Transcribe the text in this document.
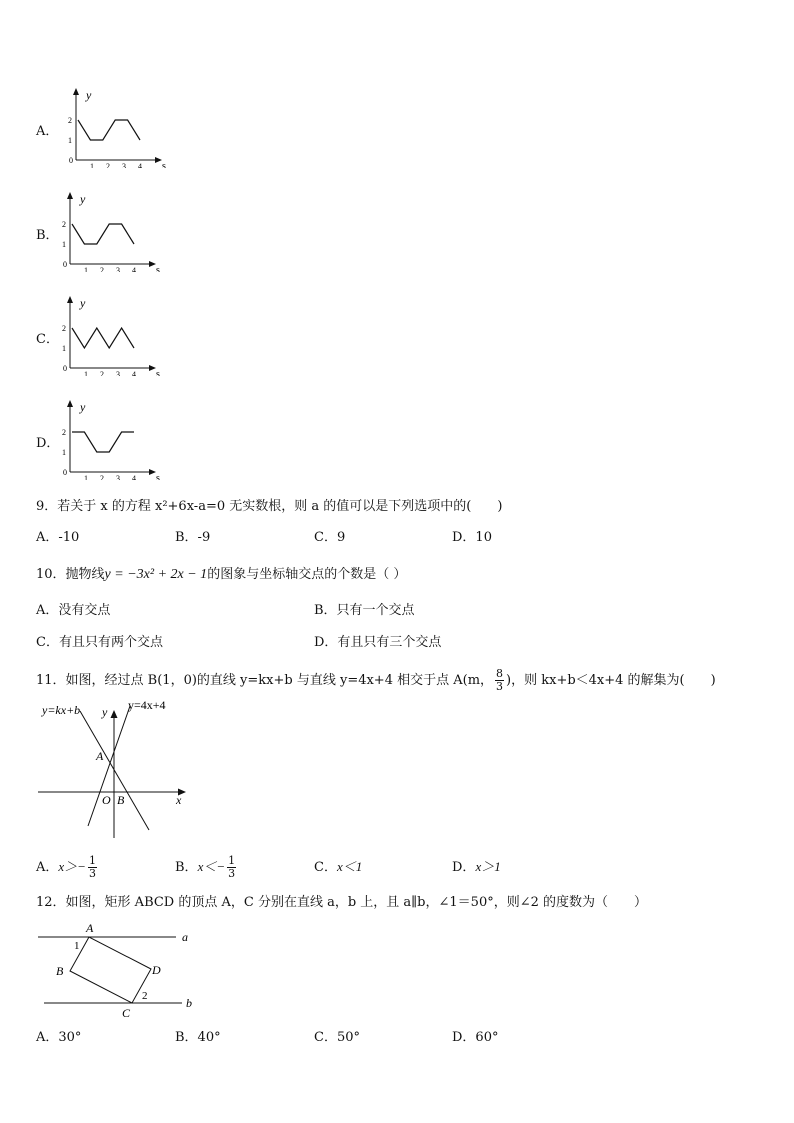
A．
B．
C．
D．
y
s
0
1 2 3 4
1
2
y
s
0
1 2 3 4
1
2
y
s
0
1 2 3 4
1
2
y
s
0
1 2 3 4
1
2
9．若关于 x 的方程 x²+6x-a=0 无实数根，则 a 的值可以是下列选项中的(　　)
A．-10	B．-9	C．9	D．10
10．抛物线y = −3x² + 2x − 1的图象与坐标轴交点的个数是（ ）
A．没有交点	B．只有一个交点
C．有且只有两个交点	D．有且只有三个交点
11．如图，经过点 B(1，0)的直线 y=kx+b 与直线 y=4x+4 相交于点 A(m， $\frac{8}{3}$ )，则 kx+b＜4x+4 的解集为(　　)
y=kx+b	y=4x+4
y
x
A
O B
A．$x>- \frac{1}{3}$	B．$x<- \frac{1}{3}$	C．x＜1	D．x＞1
12．如图，矩形 ABCD 的顶点 A，C 分别在直线 a，b 上，且 a∥b，∠1＝50°，则∠2 的度数为（　　）
A
B
C
D
a
b
1
2
A．30°	B．40°	C．50°	D．60°
